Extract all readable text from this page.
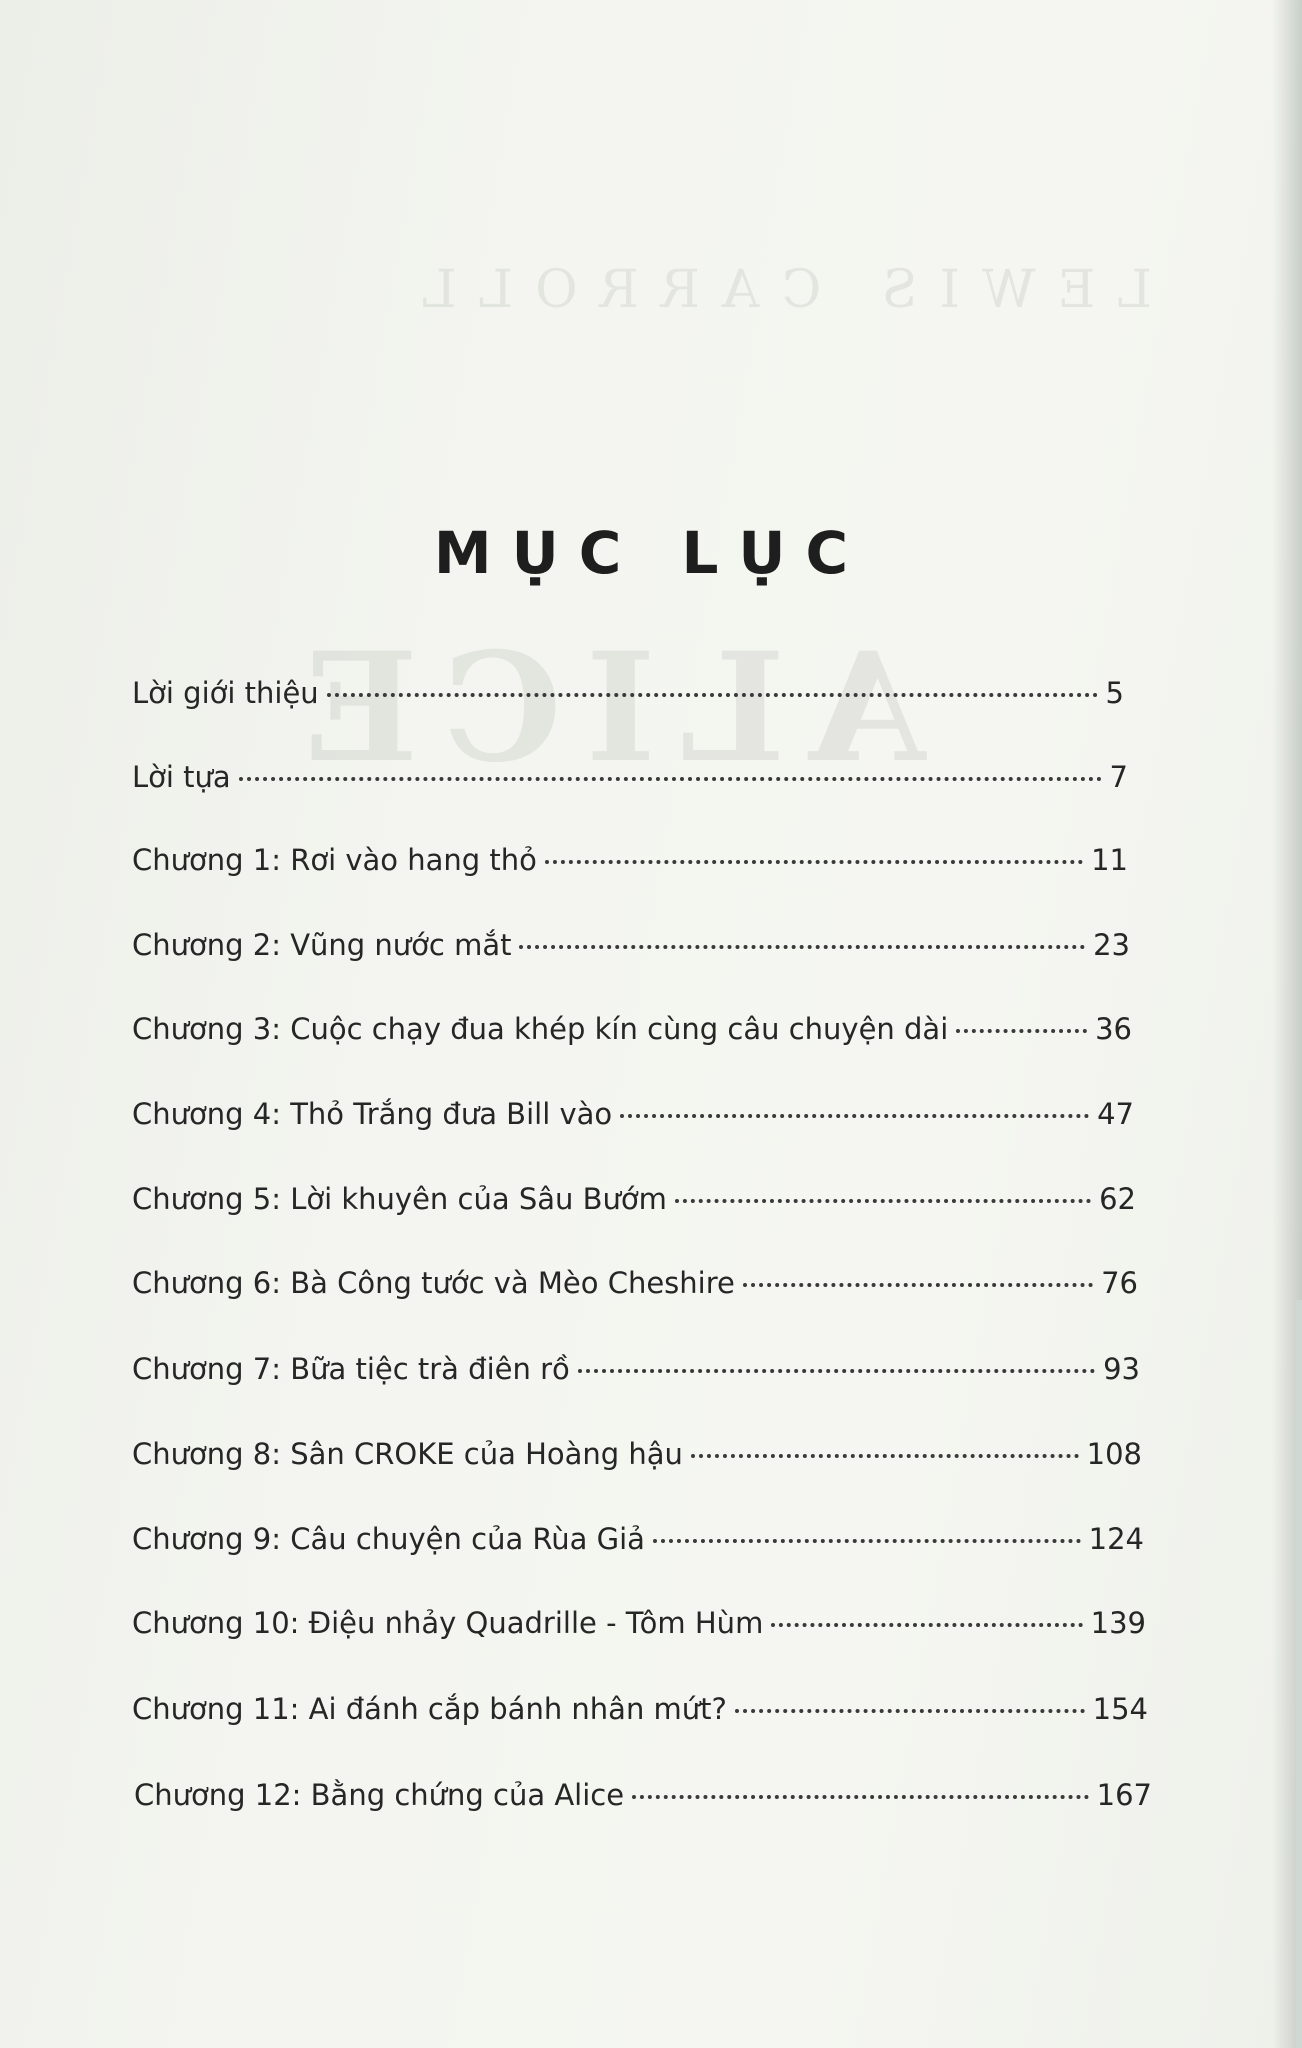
LEWIS CARROLL
ALICE
MỤC LỤC
Lời giới thiệu	5
Lời tựa	7
Chương 1: Rơi vào hang thỏ	11
Chương 2: Vũng nước mắt	23
Chương 3: Cuộc chạy đua khép kín cùng câu chuyện dài	36
Chương 4: Thỏ Trắng đưa Bill vào	47
Chương 5: Lời khuyên của Sâu Bướm	62
Chương 6: Bà Công tước và Mèo Cheshire	76
Chương 7: Bữa tiệc trà điên rồ	93
Chương 8: Sân CROKE của Hoàng hậu	108
Chương 9: Câu chuyện của Rùa Giả	124
Chương 10: Điệu nhảy Quadrille - Tôm Hùm	139
Chương 11: Ai đánh cắp bánh nhân mứt?	154
Chương 12: Bằng chứng của Alice	167
